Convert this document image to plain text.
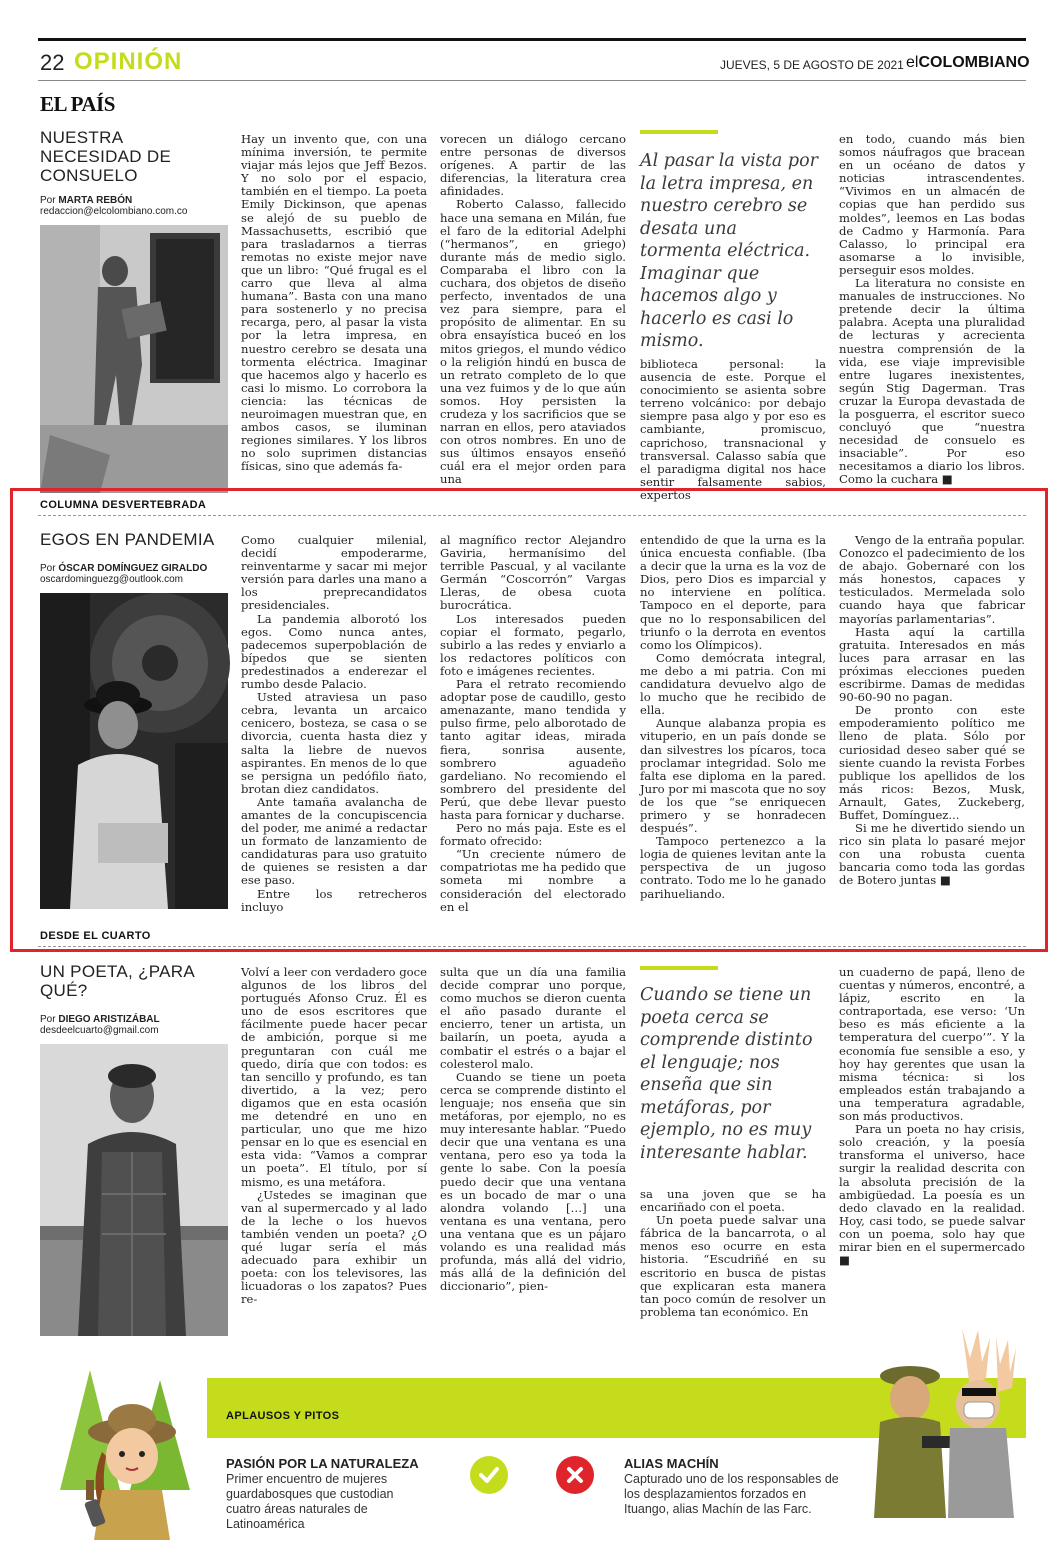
22 OPINIÓN	JUEVES, 5 DE AGOSTO DE 2021 elCOLOMBIANO
EL PAÍS
NUESTRA NECESIDAD DE CONSUELO
Por MARTA REBÓN
redaccion@elcolombiano.com.co

Hay un invento que, con una mínima inversión, te permite viajar más lejos que Jeff Bezos. Y no solo por el espacio, también en el tiempo. La poeta Emily Dickinson, que apenas se alejó de su pueblo de Massachusetts, escribió que para trasladarnos a tierras remotas no existe mejor nave que un libro: “Qué frugal es el carro que lleva al alma humana”. Basta con una mano para sostenerlo y no precisa recarga, pero, al pasar la vista por la letra impresa, en nuestro cerebro se desata una tormenta eléctrica. Imaginar que hacemos algo y hacerlo es casi lo mismo. Lo corrobora la ciencia: las técnicas de neuroimagen muestran que, en ambos casos, se iluminan regiones similares. Y los libros no solo suprimen distancias físicas, sino que además fa-

vorecen un diálogo cercano entre personas de diversos orígenes. A partir de las diferencias, la literatura crea afinidades.

Roberto Calasso, fallecido hace una semana en Milán, fue el faro de la editorial Adelphi (“hermanos”, en griego) durante más de medio siglo. Comparaba el libro con la cuchara, dos objetos de diseño perfecto, inventados de una vez para siempre, para el propósito de alimentar. En su obra ensayística buceó en los mitos griegos, el mundo védico o la religión hindú en busca de un retrato completo de lo que una vez fuimos y de lo que aún somos. Hoy persisten la crudeza y los sacrificios que se narran en ellos, pero ataviados con otros nombres. En uno de sus últimos ensayos enseñó cuál era el mejor orden para una

Al pasar la vista por la letra impresa, en nuestro cerebro se desata una tormenta eléctrica. Imaginar que hacemos algo y hacerlo es casi lo mismo.

biblioteca personal: la ausencia de este. Porque el conocimiento se asienta sobre terreno volcánico: por debajo siempre pasa algo y por eso es cambiante, promiscuo, caprichoso, transnacional y transversal. Calasso sabía que el paradigma digital nos hace sentir falsamente sabios, expertos

en todo, cuando más bien somos náufragos que bracean en un océano de datos y noticias intrascendentes. “Vivimos en un almacén de copias que han perdido sus moldes”, leemos en Las bodas de Cadmo y Harmonía. Para Calasso, lo principal era asomarse a lo invisible, perseguir esos moldes.

La literatura no consiste en manuales de instrucciones. No pretende decir la última palabra. Acepta una pluralidad de lecturas y acrecienta nuestra comprensión de la vida, ese viaje imprevisible entre lugares inexistentes, según Stig Dagerman. Tras cruzar la Europa devastada de la posguerra, el escritor sueco concluyó que “nuestra necesidad de consuelo es insaciable”. Por eso necesitamos a diario los libros. Como la cuchara ■

COLUMNA DESVERTEBRADA
EGOS EN PANDEMIA
Por ÓSCAR DOMÍNGUEZ GIRALDO
oscardominguezg@outlook.com

Como cualquier milenial, decidí empoderarme, reinventarme y sacar mi mejor versión para darles una mano a los preprecandidatos presidenciales.

La pandemia alborotó los egos. Como nunca antes, padecemos superpoblación de bípedos que se sienten predestinados a enderezar el rumbo desde Palacio.

Usted atraviesa un paso cebra, levanta un arcaico cenicero, bosteza, se casa o se divorcia, cuenta hasta diez y salta la liebre de nuevos aspirantes. En menos de lo que se persigna un pedófilo ñato, brotan diez candidatos.

Ante tamaña avalancha de amantes de la concupiscencia del poder, me animé a redactar un formato de lanzamiento de candidaturas para uso gratuito de quienes se resisten a dar ese paso.

Entre los retrecheros incluyo

al magnífico rector Alejandro Gaviria, hermanísimo del terrible Pascual, y al vacilante Germán “Coscorrón” Vargas Lleras, de obesa cuota burocrática.

Los interesados pueden copiar el formato, pegarlo, subirlo a las redes y enviarlo a los redactores políticos con foto e imágenes recientes.

Para el retrato recomiendo adoptar pose de caudillo, gesto amenazante, mano tendida y pulso firme, pelo alborotado de tanto agitar ideas, mirada fiera, sonrisa ausente, sombrero aguadeño gardeliano. No recomiendo el sombrero del presidente del Perú, que debe llevar puesto hasta para fornicar y ducharse.

Pero no más paja. Este es el formato ofrecido:

“Un creciente número de compatriotas me ha pedido que someta mi nombre a consideración del electorado en el

entendido de que la urna es la única encuesta confiable. (Iba a decir que la urna es la voz de Dios, pero Dios es imparcial y no interviene en política. Tampoco en el deporte, para que no lo responsabilicen del triunfo o la derrota en eventos como los Olímpicos).

Como demócrata integral, me debo a mi patria. Con mi candidatura devuelvo algo de lo mucho que he recibido de ella.

Aunque alabanza propia es vituperio, en un país donde se dan silvestres los pícaros, toca proclamar integridad. Solo me falta ese diploma en la pared. Juro por mi mascota que no soy de los que “se enriquecen primero y se honradecen después”.

Tampoco pertenezco a la logia de quienes levitan ante la perspectiva de un jugoso contrato. Todo me lo he ganado parihueliando.

Vengo de la entraña popular. Conozco el padecimiento de los de abajo. Gobernaré con los más honestos, capaces y testiculados. Mermelada solo cuando haya que fabricar mayorías parlamentarias”.

Hasta aquí la cartilla gratuita. Interesados en más luces para arrasar en las próximas elecciones pueden escribirme. Damas de medidas 90-60-90 no pagan.

De pronto con este empoderamiento político me lleno de plata. Sólo por curiosidad deseo saber qué se siente cuando la revista Forbes publique los apellidos de los más ricos: Bezos, Musk, Arnault, Gates, Zuckeberg, Buffet, Domínguez...

Si me he divertido siendo un rico sin plata lo pasaré mejor con una robusta cuenta bancaria como toda las gordas de Botero juntas ■

DESDE EL CUARTO
UN POETA, ¿PARA QUÉ?
Por DIEGO ARISTIZÁBAL
desdeelcuarto@gmail.com

Volví a leer con verdadero goce algunos de los libros del portugués Afonso Cruz. Él es uno de esos escritores que fácilmente puede hacer pecar de ambición, porque si me preguntaran con cuál me quedo, diría que con todos: es tan sencillo y profundo, es tan divertido, a la vez; pero digamos que en esta ocasión me detendré en uno en particular, uno que me hizo pensar en lo que es esencial en esta vida: “Vamos a comprar un poeta”. El título, por sí mismo, es una metáfora.

¿Ustedes se imaginan que van al supermercado y al lado de la leche o los huevos también venden un poeta? ¿O qué lugar sería el más adecuado para exhibir un poeta: con los televisores, las licuadoras o los zapatos? Pues re-

sulta que un día una familia decide comprar uno porque, como muchos se dieron cuenta el año pasado durante el encierro, tener un artista, un bailarín, un poeta, ayuda a combatir el estrés o a bajar el colesterol malo.

Cuando se tiene un poeta cerca se comprende distinto el lenguaje; nos enseña que sin metáforas, por ejemplo, no es muy interesante hablar. “Puedo decir que una ventana es una ventana, pero eso ya toda la gente lo sabe. Con la poesía puedo decir que una ventana es un bocado de mar o una alondra volando […] una ventana es una ventana, pero una ventana que es un pájaro volando es una realidad más profunda, más allá del vidrio, más allá de la definición del diccionario”, pien-

Cuando se tiene un poeta cerca se comprende distinto el lenguaje; nos enseña que sin metáforas, por ejemplo, no es muy interesante hablar.

sa una joven que se ha encariñado con el poeta.

Un poeta puede salvar una fábrica de la bancarrota, o al menos eso ocurre en esta historia. “Escudriñé en su escritorio en busca de pistas que explicaran esta manera tan poco común de resolver un problema tan económico. En

un cuaderno de papá, lleno de cuentas y números, encontré, a lápiz, escrito en la contraportada, ese verso: ‘Un beso es más eficiente a la temperatura del cuerpo’”. Y la economía fue sensible a eso, y hoy hay gerentes que usan la misma técnica: si los empleados están trabajando a una temperatura agradable, son más productivos.

Para un poeta no hay crisis, solo creación, y la poesía transforma el universo, hace surgir la realidad descrita con la absoluta precisión de la ambigüedad. La poesía es un dedo clavado en la realidad. Hoy, casi todo, se puede salvar con un poema, solo hay que mirar bien en el supermercado ■

APLAUSOS Y PITOS
PASIÓN POR LA NATURALEZA
Primer encuentro de mujeres guardabosques que custodian cuatro áreas naturales de Latinoamérica
ALIAS MACHÍN
Capturado uno de los responsables de los desplazamientos forzados en Ituango, alias Machín de las Farc.
